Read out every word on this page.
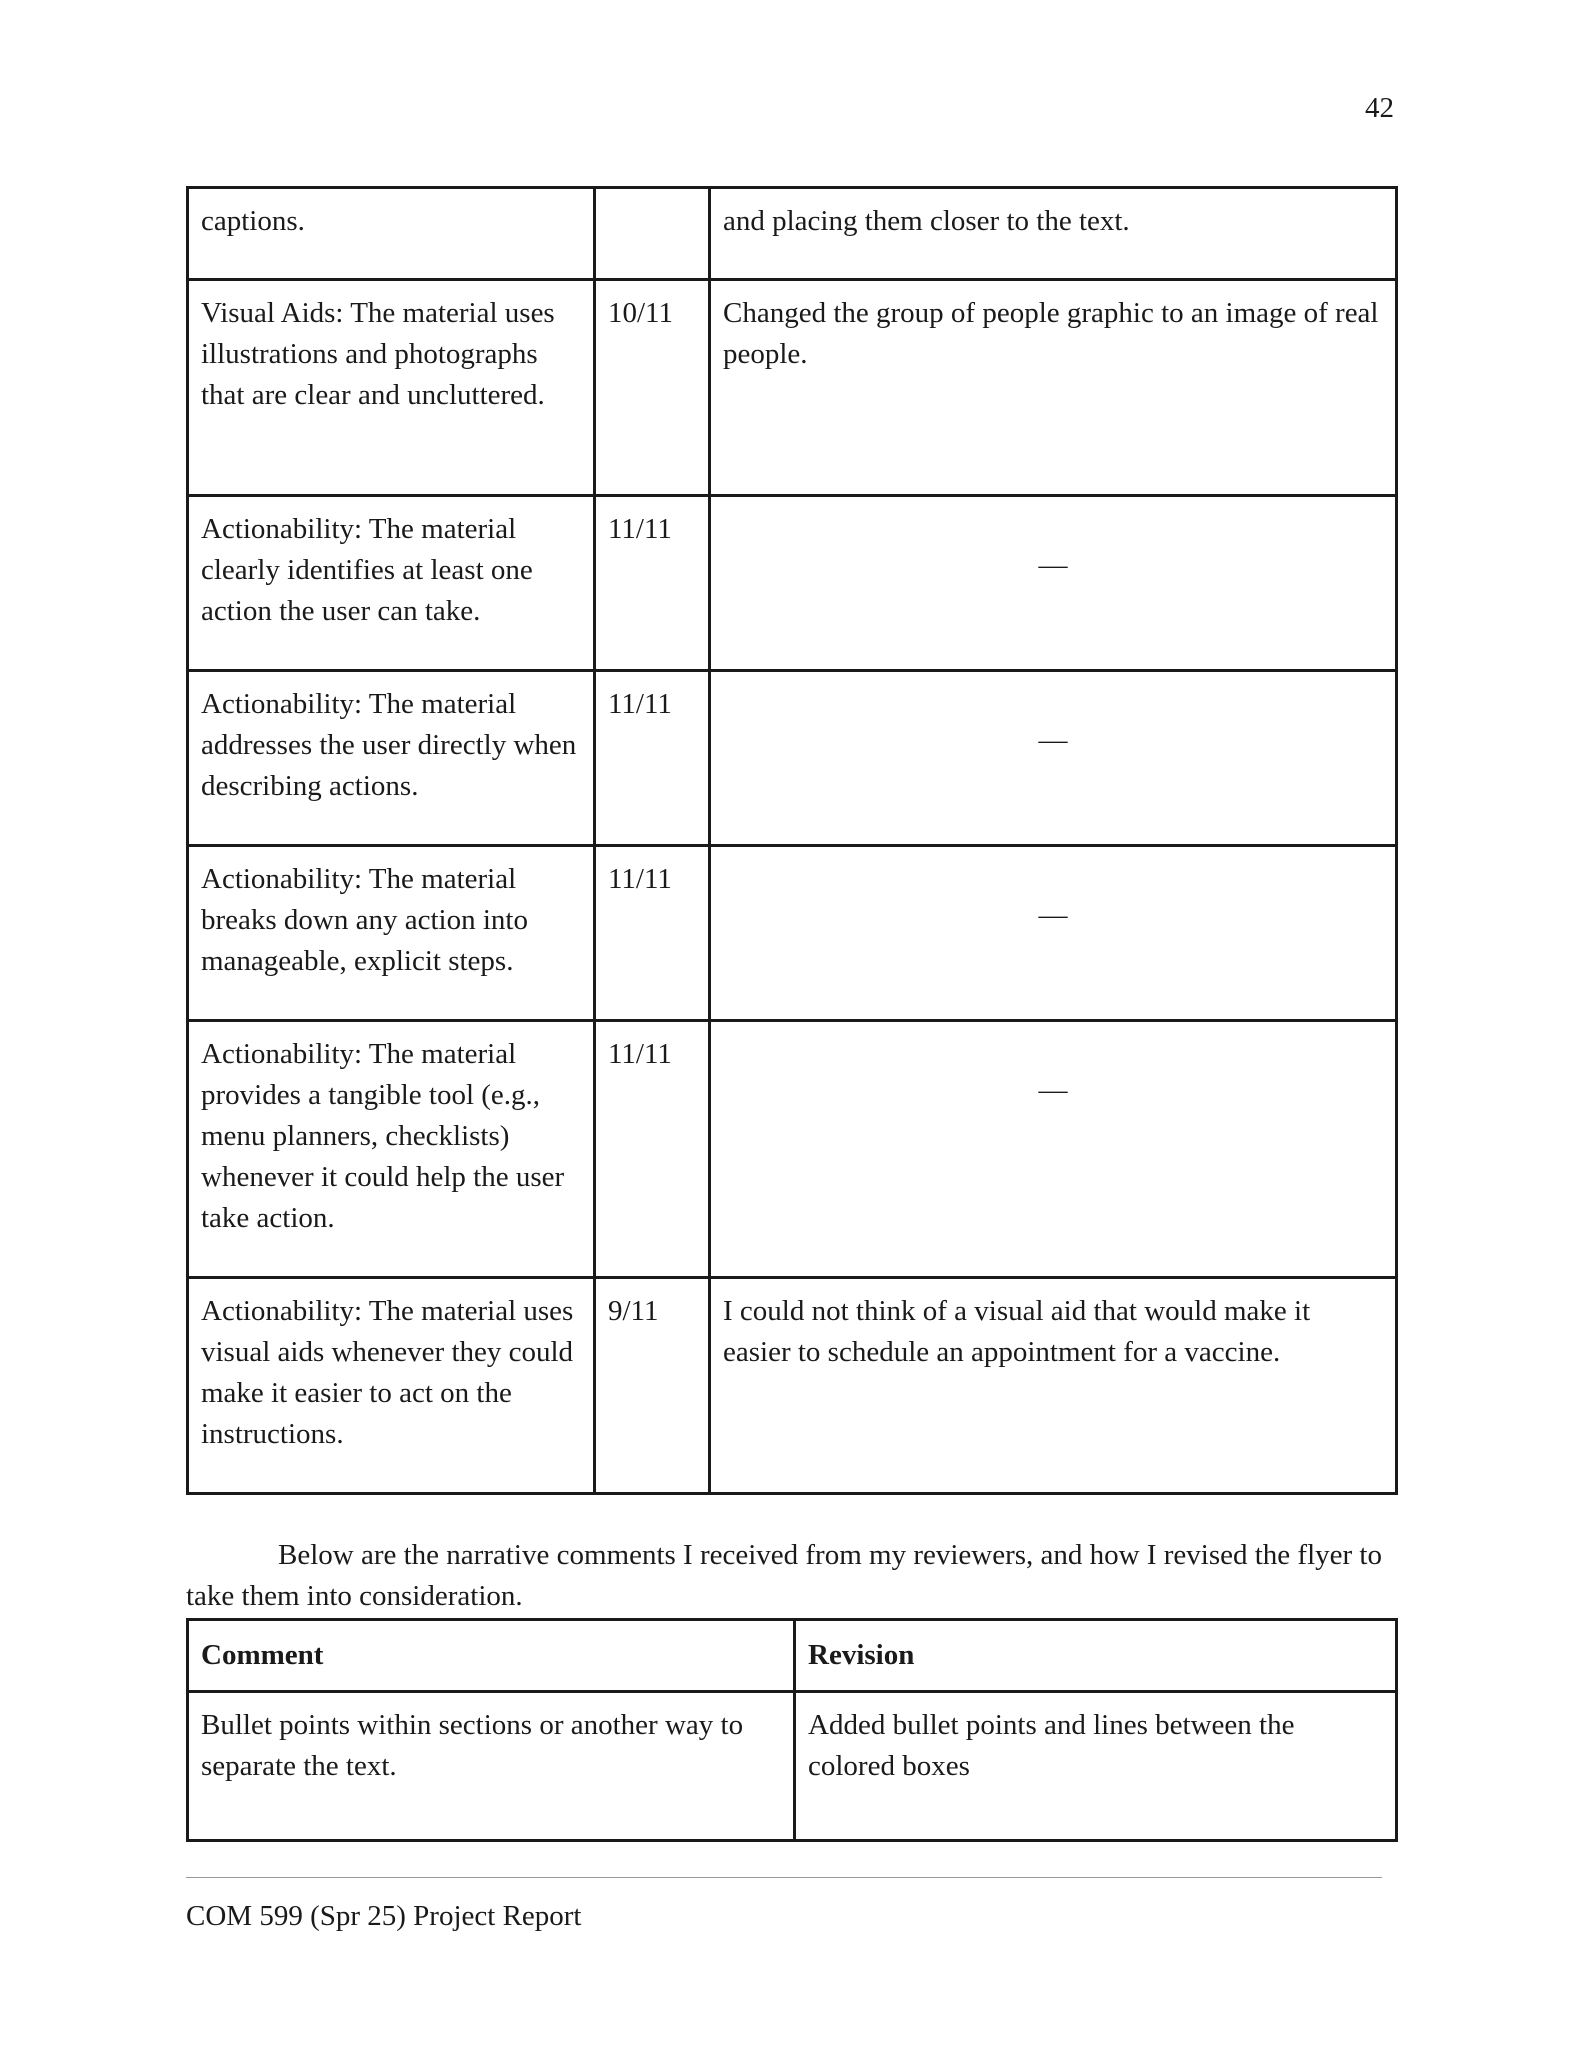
42
captions.		and placing them closer to the text.
Visual Aids: The material uses illustrations and photographs that are clear and uncluttered.	10/11	Changed the group of people graphic to an image of real people.
Actionability: The material clearly identifies at least one action the user can take.	11/11	—
Actionability: The material addresses the user directly when describing actions.	11/11	—
Actionability: The material breaks down any action into manageable, explicit steps.	11/11	—
Actionability: The material provides a tangible tool (e.g., menu planners, checklists) whenever it could help the user take action.	11/11	—
Actionability: The material uses visual aids whenever they could make it easier to act on the instructions.	9/11	I could not think of a visual aid that would make it easier to schedule an appointment for a vaccine.
Below are the narrative comments I received from my reviewers, and how I revised the flyer to take them into consideration.
Comment	Revision
Bullet points within sections or another way to separate the text.	Added bullet points and lines between the colored boxes
COM 599 (Spr 25) Project Report
